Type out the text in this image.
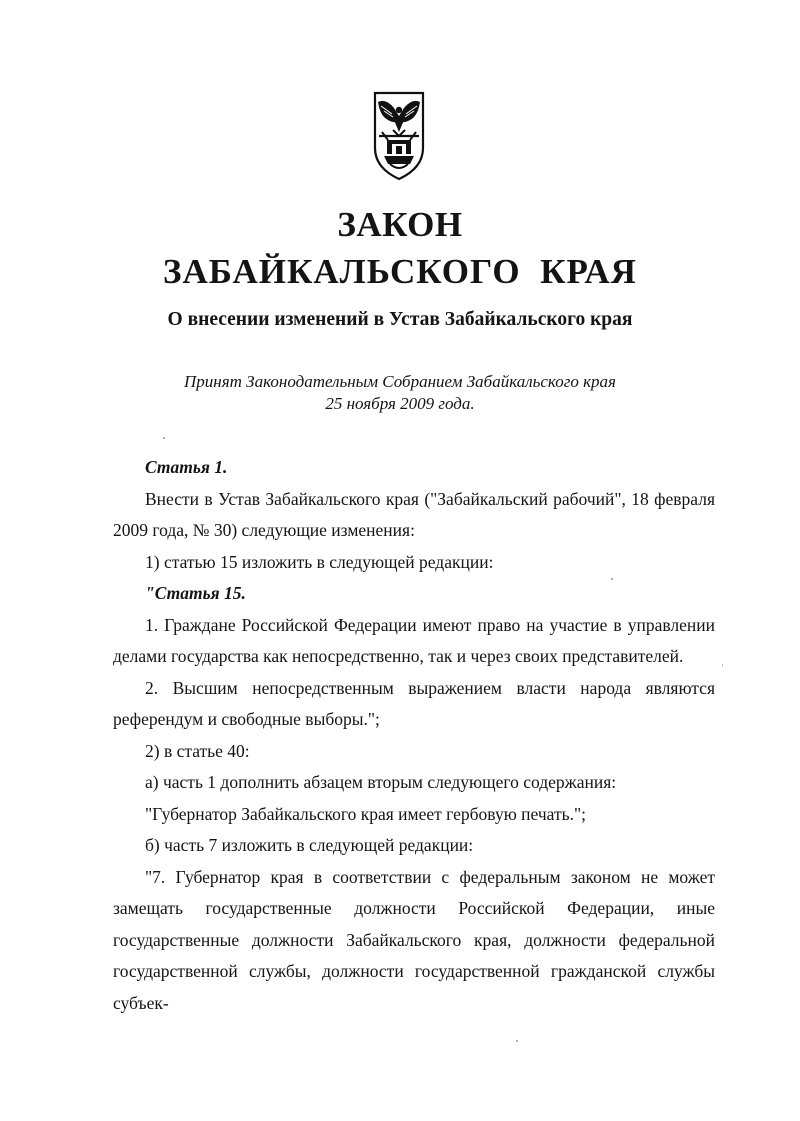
ЗАКОН
ЗАБАЙКАЛЬСКОГО  КРАЯ
О внесении изменений в Устав Забайкальского края
Принят Законодательным Собранием Забайкальского края
25 ноября 2009 года.

Статья 1.

Внести в Устав Забайкальского края ("Забайкальский рабочий", 18 февраля 2009 года, № 30) следующие изменения:

1) статью 15 изложить в следующей редакции:

"Статья 15.

1. Граждане Российской Федерации имеют право на участие в управлении делами государства как непосредственно, так и через своих представителей.

2. Высшим непосредственным выражением власти народа являются референдум и свободные выборы.";

2) в статье 40:

а) часть 1 дополнить абзацем вторым следующего содержания:

"Губернатор Забайкальского края имеет гербовую печать.";

б) часть 7 изложить в следующей редакции:

"7. Губернатор края в соответствии с федеральным законом не может замещать государственные должности Российской Федерации, иные государственные должности Забайкальского края, должности федеральной государственной службы, должности государственной гражданской службы субъек-
